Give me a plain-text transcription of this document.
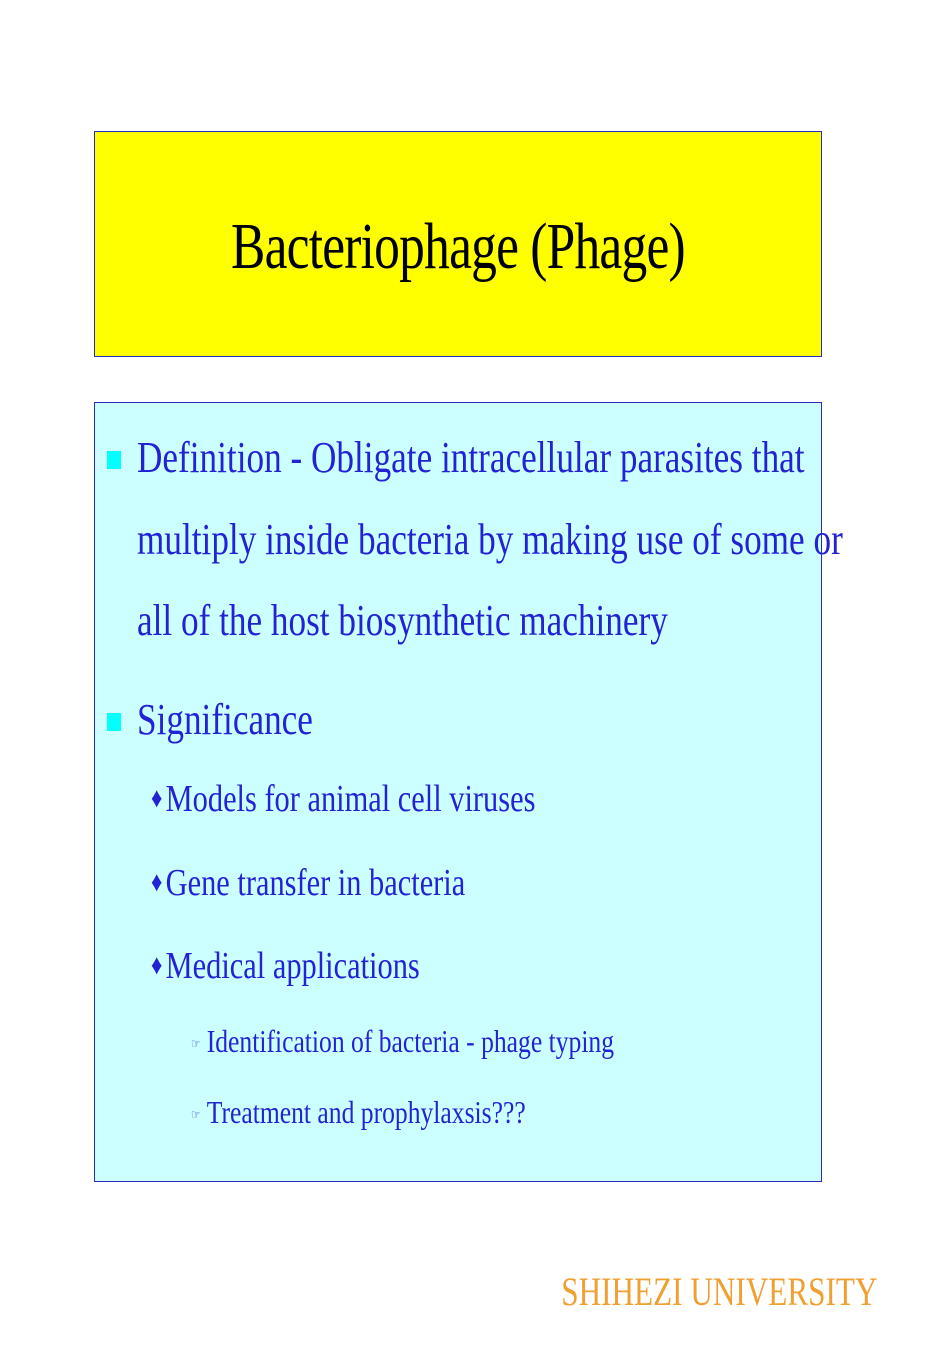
Bacteriophage (Phage)
Definition - Obligate intracellular parasites that
multiply inside bacteria by making use of some or
all of the host biosynthetic machinery
Significance
♦Models for animal cell viruses
♦Gene transfer in bacteria
♦Medical applications
☞ Identification of bacteria - phage typing
☞ Treatment and prophylaxsis???
SHIHEZI UNIVERSITY
